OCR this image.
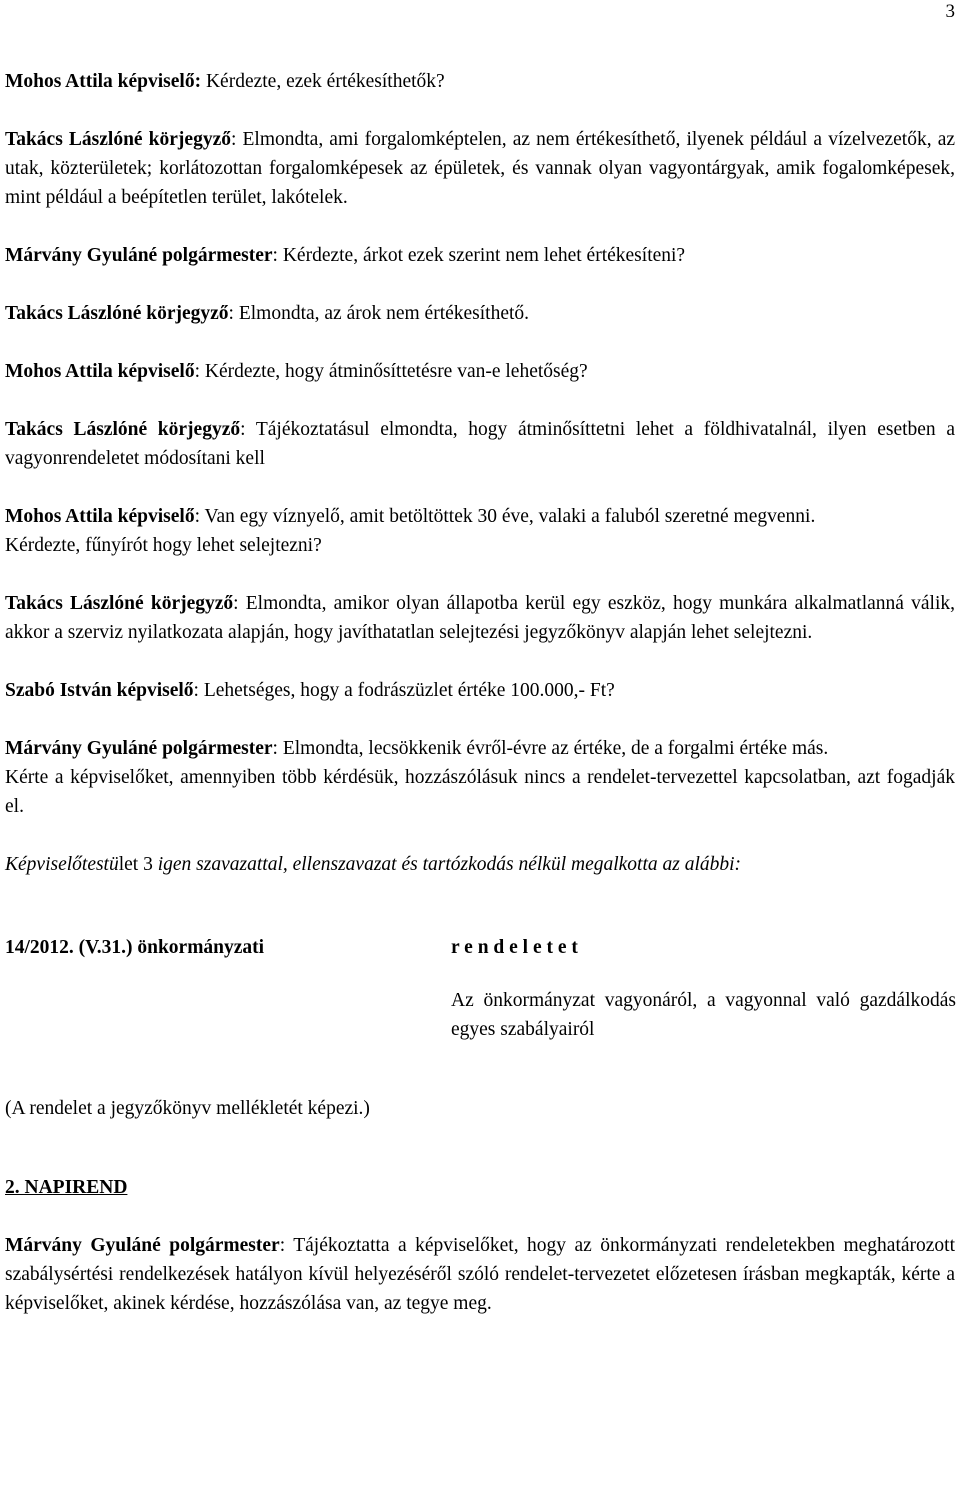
3

Mohos Attila képviselő: Kérdezte, ezek értékesíthetők?

Takács Lászlóné körjegyző: Elmondta, ami forgalomképtelen, az nem értékesíthető, ilyenek például a vízelvezetők, az utak, közterületek; korlátozottan forgalomképesek az épületek, és vannak olyan vagyontárgyak, amik fogalomképesek, mint például a beépítetlen terület, lakótelek.

Márvány Gyuláné polgármester: Kérdezte, árkot ezek szerint nem lehet értékesíteni?

Takács Lászlóné körjegyző: Elmondta, az árok nem értékesíthető.

Mohos Attila képviselő: Kérdezte, hogy átminősíttetésre van-e lehetőség?

Takács Lászlóné körjegyző: Tájékoztatásul elmondta, hogy átminősíttetni lehet a földhivatalnál, ilyen esetben a vagyonrendeletet módosítani kell

Mohos Attila képviselő: Van egy víznyelő, amit betöltöttek 30 éve, valaki a faluból szeretné megvenni.

Kérdezte, fűnyírót hogy lehet selejtezni?

Takács Lászlóné körjegyző: Elmondta, amikor olyan állapotba kerül egy eszköz, hogy munkára alkalmatlanná válik, akkor a szerviz nyilatkozata alapján, hogy javíthatatlan selejtezési jegyzőkönyv alapján lehet selejtezni.

Szabó István képviselő: Lehetséges, hogy a fodrászüzlet értéke 100.000,- Ft?

Márvány Gyuláné polgármester: Elmondta, lecsökkenik évről-évre az értéke, de a forgalmi értéke más.

Kérte a képviselőket, amennyiben több kérdésük, hozzászólásuk nincs a rendelet-tervezettel kapcsolatban, azt fogadják el.

Képviselőtestület 3 igen szavazattal, ellenszavazat és tartózkodás nélkül megalkotta az alábbi:

14/2012. (V.31.) önkormányzati	r e n d e l e t e t

Az önkormányzat vagyonáról, a vagyonnal való gazdálkodás egyes szabályairól

(A rendelet a jegyzőkönyv mellékletét képezi.)

2. NAPIREND

Márvány Gyuláné polgármester: Tájékoztatta a képviselőket, hogy az önkormányzati rendeletekben meghatározott szabálysértési rendelkezések hatályon kívül helyezéséről szóló rendelet-tervezetet előzetesen írásban megkapták, kérte a képviselőket, akinek kérdése, hozzászólása van, az tegye meg.
